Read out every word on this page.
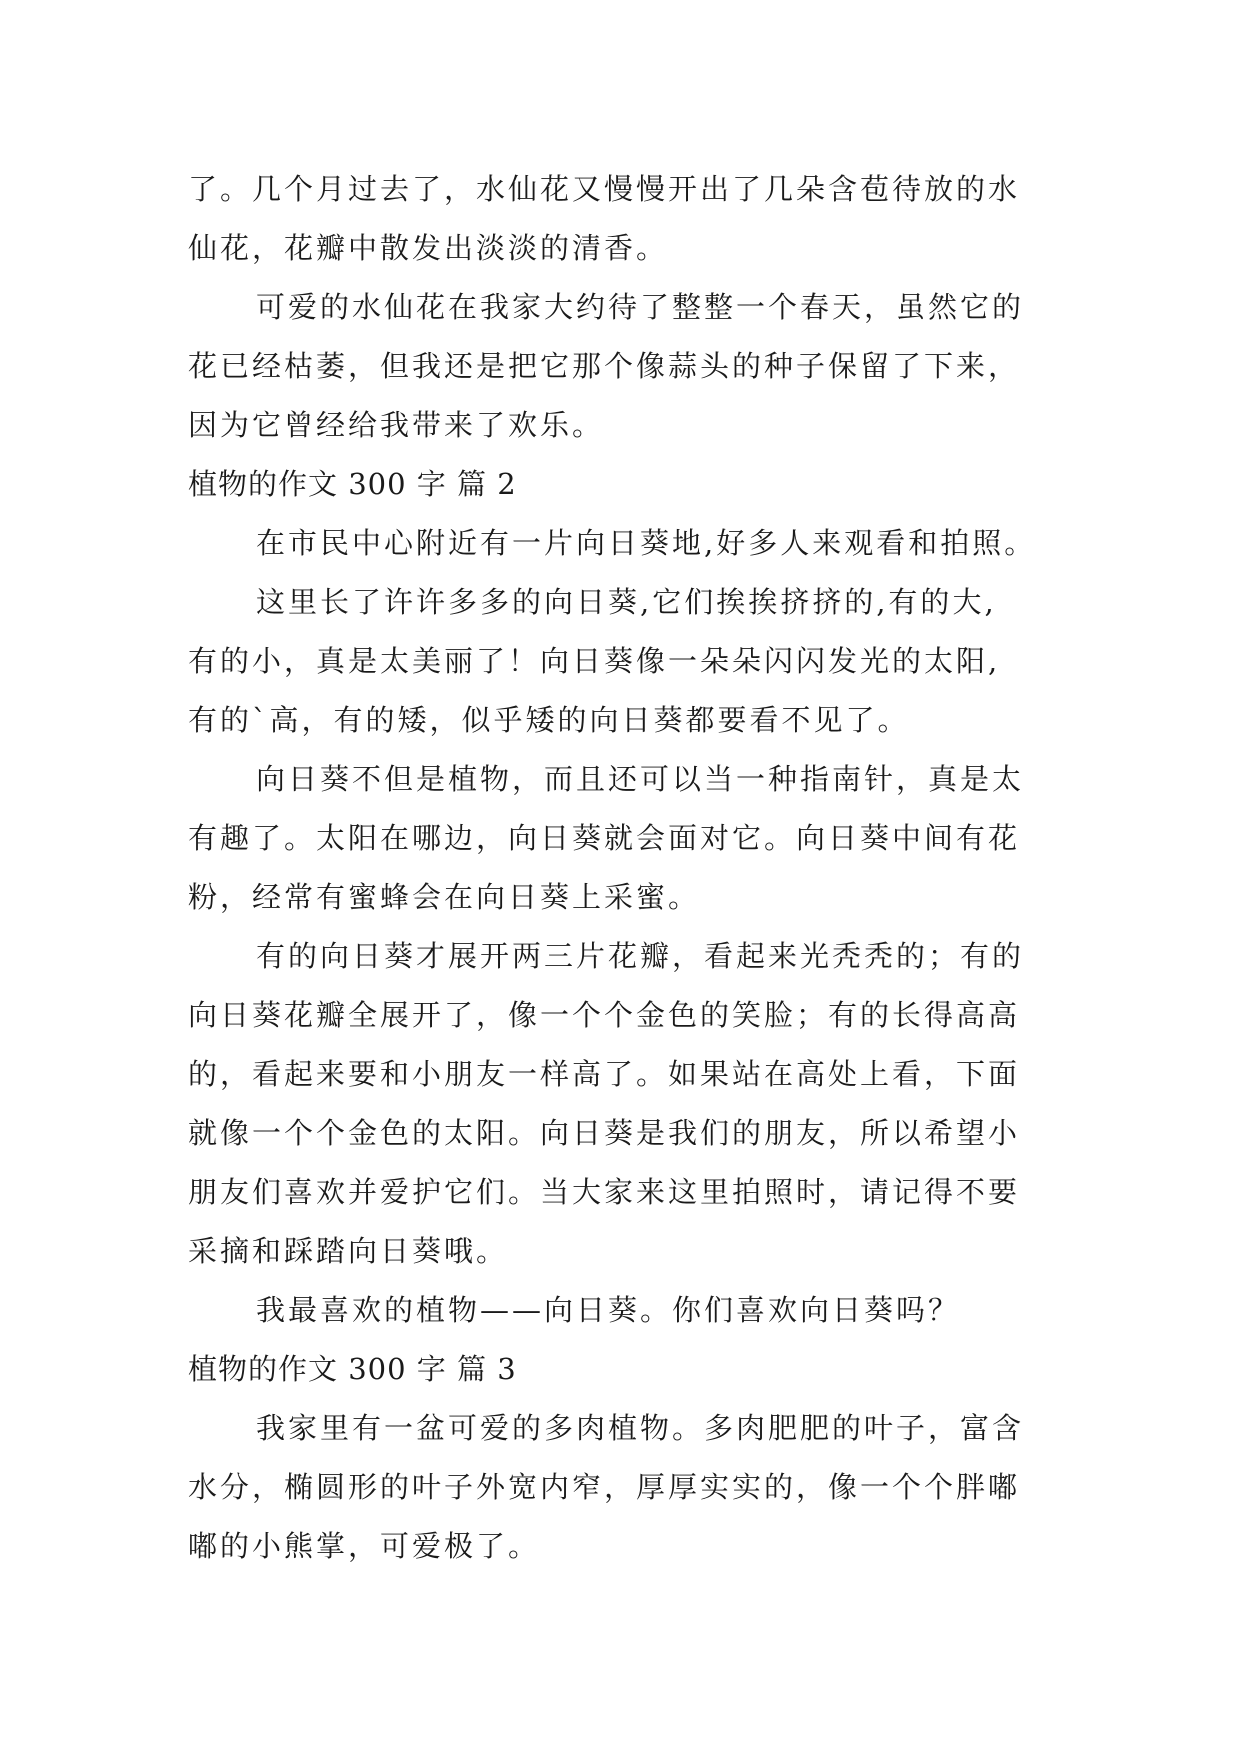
了。几个月过去了，水仙花又慢慢开出了几朵含苞待放的水
仙花，花瓣中散发出淡淡的清香。
可爱的水仙花在我家大约待了整整一个春天，虽然它的
花已经枯萎，但我还是把它那个像蒜头的种子保留了下来，
因为它曾经给我带来了欢乐。
植物的作文 300 字 篇 2
在市民中心附近有一片向日葵地,好多人来观看和拍照。
这里长了许许多多的向日葵,它们挨挨挤挤的,有的大,
有的小，真是太美丽了！向日葵像一朵朵闪闪发光的太阳,
有的`高，有的矮，似乎矮的向日葵都要看不见了。
向日葵不但是植物，而且还可以当一种指南针，真是太
有趣了。太阳在哪边，向日葵就会面对它。向日葵中间有花
粉，经常有蜜蜂会在向日葵上采蜜。
有的向日葵才展开两三片花瓣，看起来光秃秃的；有的
向日葵花瓣全展开了，像一个个金色的笑脸；有的长得高高
的，看起来要和小朋友一样高了。如果站在高处上看，下面
就像一个个金色的太阳。向日葵是我们的朋友，所以希望小
朋友们喜欢并爱护它们。当大家来这里拍照时，请记得不要
采摘和踩踏向日葵哦。
我最喜欢的植物——向日葵。你们喜欢向日葵吗？
植物的作文 300 字 篇 3
我家里有一盆可爱的多肉植物。多肉肥肥的叶子，富含
水分，椭圆形的叶子外宽内窄，厚厚实实的，像一个个胖嘟
嘟的小熊掌，可爱极了。
